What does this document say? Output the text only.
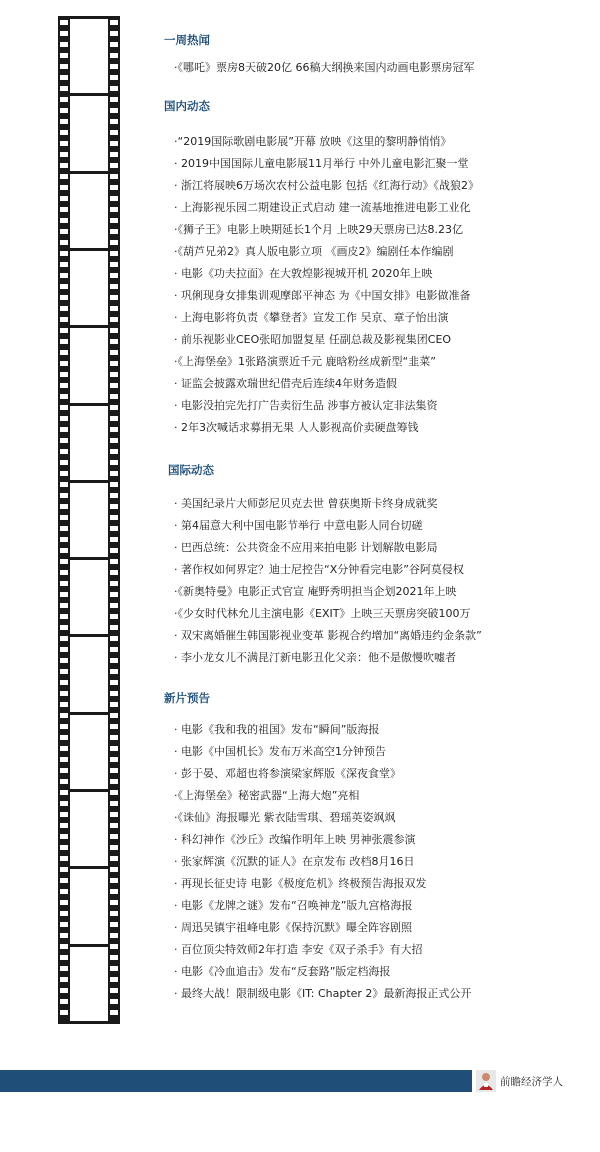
一周热闻
·《哪吒》票房8天破20亿 66稿大纲换来国内动画电影票房冠军
国内动态
·“2019国际歌剧电影展”开幕 放映《这里的黎明静悄悄》
· 2019中国国际儿童电影展11月举行 中外儿童电影汇聚一堂
· 浙江将展映6万场次农村公益电影 包括《红海行动》《战狼2》
· 上海影视乐园二期建设正式启动 建一流基地推进电影工业化
·《狮子王》电影上映期延长1个月 上映29天票房已达8.23亿
·《葫芦兄弟2》真人版电影立项 《画皮2》编剧任本作编剧
· 电影《功夫拉面》在大敦煌影视城开机 2020年上映
· 巩俐现身女排集训观摩郎平神态 为《中国女排》电影做准备
· 上海电影将负责《攀登者》宣发工作 吴京、章子怡出演
· 前乐视影业CEO张昭加盟复星 任副总裁及影视集团CEO
·《上海堡垒》1张路演票近千元 鹿晗粉丝成新型“韭菜”
· 证监会披露欢瑞世纪借壳后连续4年财务造假
· 电影没拍完先打广告卖衍生品 涉事方被认定非法集资
· 2年3次喊话求募捐无果 人人影视高价卖硬盘筹钱
国际动态
· 美国纪录片大师彭尼贝克去世 曾获奥斯卡终身成就奖
· 第4届意大利中国电影节举行 中意电影人同台切磋
· 巴西总统：公共资金不应用来拍电影 计划解散电影局
· 著作权如何界定？迪士尼控告“X分钟看完电影”谷阿莫侵权
·《新奥特曼》电影正式官宣 庵野秀明担当企划2021年上映
·《少女时代林允儿主演电影《EXIT》上映三天票房突破100万
· 双宋离婚催生韩国影视业变革 影视合约增加“离婚违约金条款”
· 李小龙女儿不满昆汀新电影丑化父亲：他不是傲慢吹嘘者
新片预告
· 电影《我和我的祖国》发布“瞬间”版海报
· 电影《中国机长》发布万米高空1分钟预告
· 彭于晏、邓超也将参演梁家辉版《深夜食堂》
·《上海堡垒》秘密武器“上海大炮”亮相
·《诛仙》海报曝光 紫衣陆雪琪、碧瑶英姿飒飒
· 科幻神作《沙丘》改编作明年上映 男神张震参演
· 张家辉演《沉默的证人》在京发布 改档8月16日
· 再现长征史诗 电影《极度危机》终极预告海报双发
· 电影《龙牌之谜》发布“召唤神龙”版九宫格海报
· 周迅吴镇宇祖峰电影《保持沉默》曝全阵容剧照
· 百位顶尖特效师2年打造 李安《双子杀手》有大招
· 电影《冷血追击》发布“反套路”版定档海报
· 最终大战！限制级电影《IT: Chapter 2》最新海报正式公开
前瞻经济学人
